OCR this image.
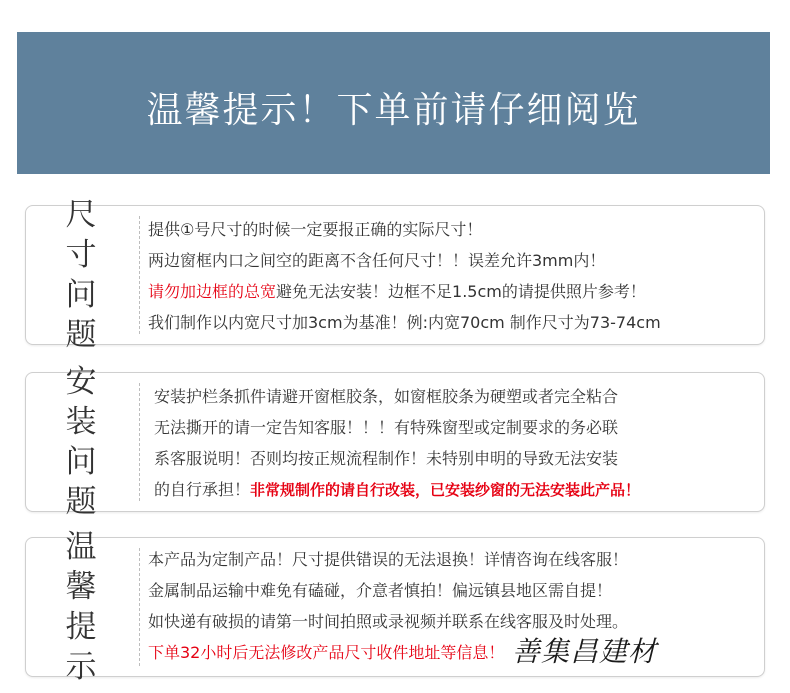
温馨提示！下单前请仔细阅览
尺 寸
问 题
提供①号尺寸的时候一定要报正确的实际尺寸！
两边窗框内口之间空的距离不含任何尺寸！！误差允许3mm内！
请勿加边框的总宽避免无法安装！边框不足1.5cm的请提供照片参考！
我们制作以内宽尺寸加3cm为基准！例:内宽70cm 制作尺寸为73-74cm
安 装
问 题
安装护栏条抓件请避开窗框胶条，如窗框胶条为硬塑或者完全粘合
无法撕开的请一定告知客服！！！有特殊窗型或定制要求的务必联
系客服说明！否则均按正规流程制作！未特别申明的导致无法安装
的自行承担！非常规制作的请自行改装，已安装纱窗的无法安装此产品！
温 馨
提 示
本产品为定制产品！尺寸提供错误的无法退换！详情咨询在线客服！
金属制品运输中难免有磕碰，介意者慎拍！偏远镇县地区需自提！
如快递有破损的请第一时间拍照或录视频并联系在线客服及时处理。
下单32小时后无法修改产品尺寸收件地址等信息！ 善集昌建材
